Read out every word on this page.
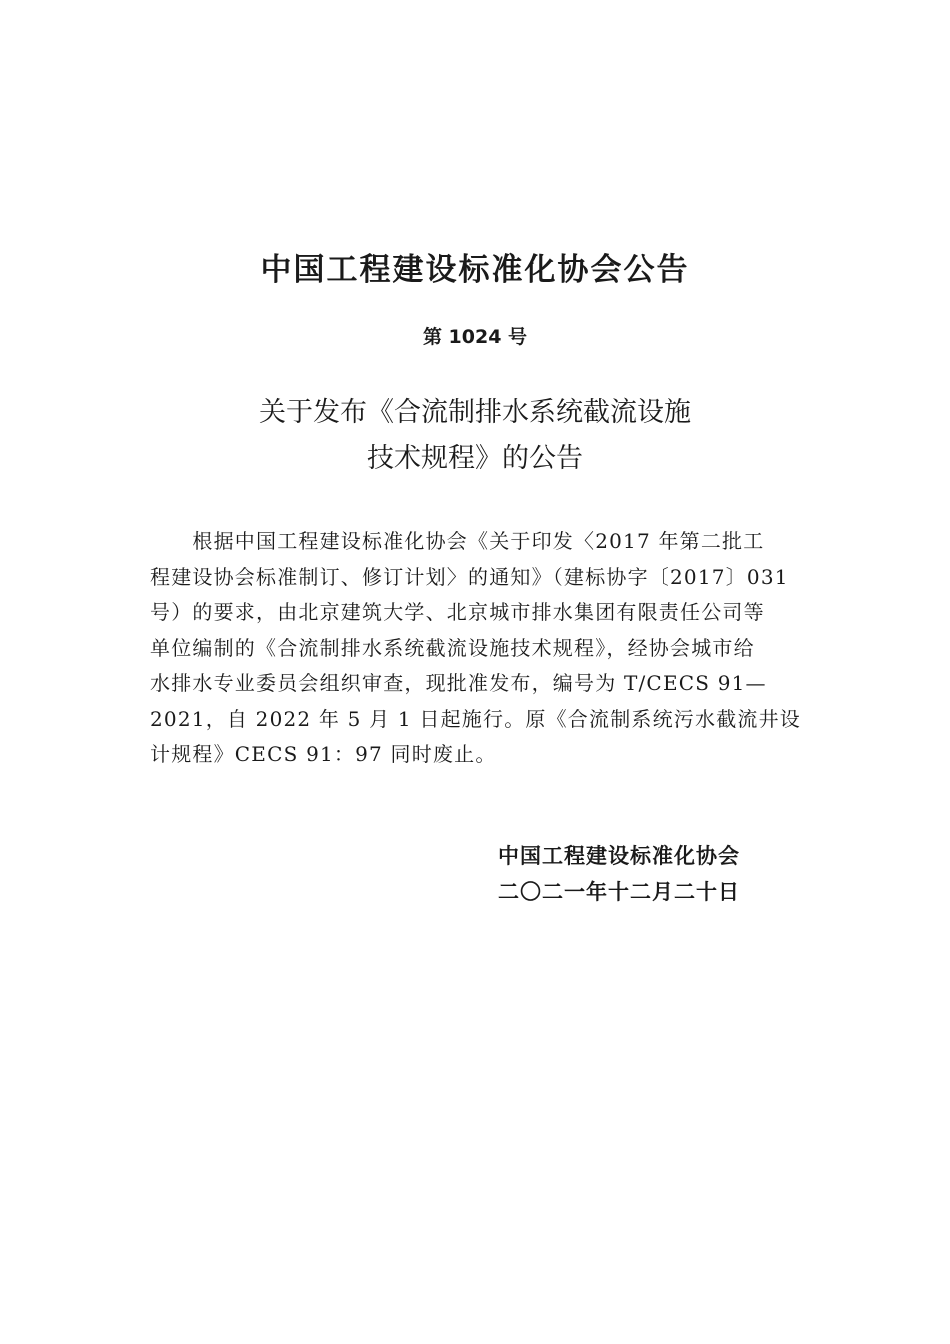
中国工程建设标准化协会公告
第 1024 号
关于发布《合流制排水系统截流设施
技术规程》的公告
　　根据中国工程建设标准化协会《关于印发〈2017 年第二批工
程建设协会标准制订、修订计划〉的通知》（建标协字〔2017〕031
号）的要求，由北京建筑大学、北京城市排水集团有限责任公司等
单位编制的《合流制排水系统截流设施技术规程》，经协会城市给
水排水专业委员会组织审查，现批准发布，编号为 T/CECS 91—
2021，自 2022 年 5 月 1 日起施行。原《合流制系统污水截流井设
计规程》CECS 91：97 同时废止。
中国工程建设标准化协会
二〇二一年十二月二十日
